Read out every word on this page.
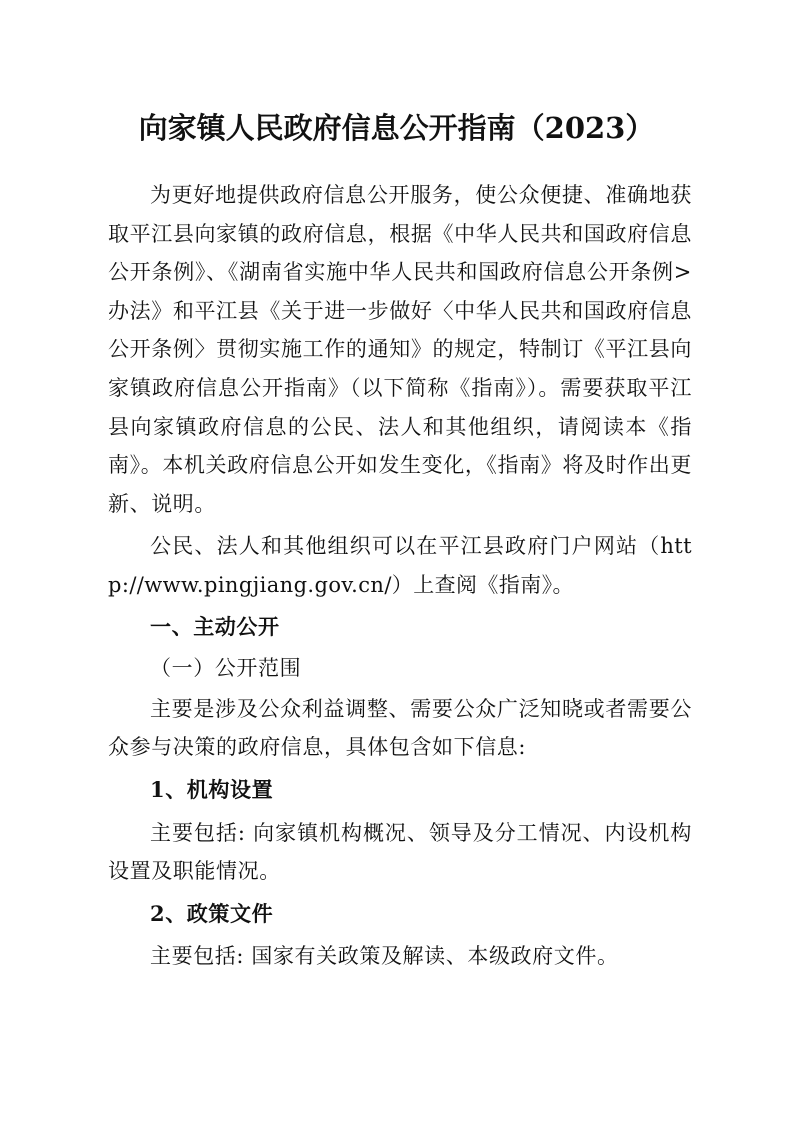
向家镇人民政府信息公开指南（2023）

为更好地提供政府信息公开服务，使公众便捷、准确地获取平江县向家镇的政府信息，根据《中华人民共和国政府信息公开条例》、《湖南省实施中华人民共和国政府信息公开条例>办法》和平江县《关于进一步做好〈中华人民共和国政府信息公开条例〉贯彻实施工作的通知》的规定，特制订《平江县向家镇政府信息公开指南》（以下简称《指南》）。需要获取平江县向家镇政府信息的公民、法人和其他组织，请阅读本《指南》。本机关政府信息公开如发生变化，《指南》将及时作出更新、说明。

公民、法人和其他组织可以在平江县政府门户网站（http://www.pingjiang.gov.cn/）上查阅《指南》。

一、主动公开

（一）公开范围

主要是涉及公众利益调整、需要公众广泛知晓或者需要公众参与决策的政府信息，具体包含如下信息:

1、机构设置

主要包括: 向家镇机构概况、领导及分工情况、内设机构设置及职能情况。

2、政策文件

主要包括: 国家有关政策及解读、本级政府文件。
